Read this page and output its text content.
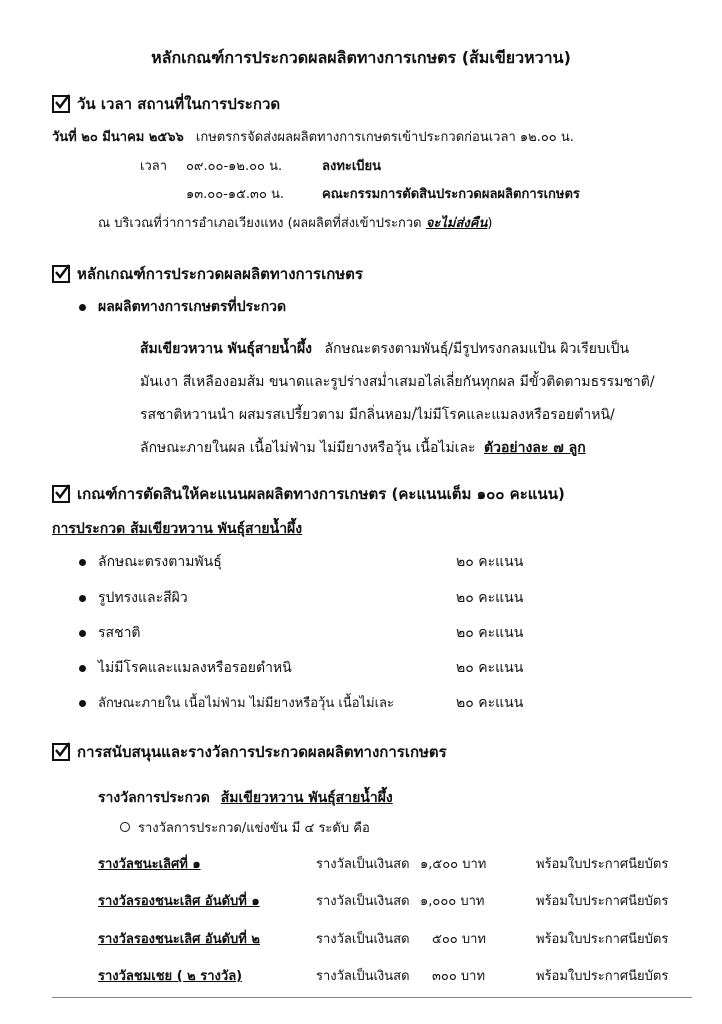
หลักเกณฑ์การประกวดผลผลิตทางการเกษตร (ส้มเขียวหวาน)
วัน เวลา สถานที่ในการประกวด
วันที่ ๒๐ มีนาคม ๒๕๖๖ เกษตรกรจัดส่งผลผลิตทางการเกษตรเข้าประกวดก่อนเวลา ๑๒.๐๐ น.
เวลา ๐๙.๐๐-๑๒.๐๐ น.	ลงทะเบียน
๑๓.๐๐-๑๕.๓๐ น.	คณะกรรมการตัดสินประกวดผลผลิตการเกษตร
ณ บริเวณที่ว่าการอำเภอเวียงแหง (ผลผลิตที่ส่งเข้าประกวด จะไม่ส่งคืน)
หลักเกณฑ์การประกวดผลผลิตทางการเกษตร
ผลผลิตทางการเกษตรที่ประกวด
ส้มเขียวหวาน พันธุ์สายน้ำผึ้ง ลักษณะตรงตามพันธุ์/มีรูปทรงกลมแป้น ผิวเรียบเป็น
มันเงา สีเหลืองอมส้ม ขนาดและรูปร่างสม่ำเสมอไล่เลี่ยกันทุกผล มีขั้วติดตามธรรมชาติ/
รสชาติหวานนำ ผสมรสเปรี้ยวตาม มีกลิ่นหอม/ไม่มีโรคและแมลงหรือรอยตำหนิ/
ลักษณะภายในผล เนื้อไม่ฟ่าม ไม่มียางหรือวุ้น เนื้อไม่เละ ตัวอย่างละ ๗ ลูก
เกณฑ์การตัดสินให้คะแนนผลผลิตทางการเกษตร (คะแนนเต็ม ๑๐๐ คะแนน)
การประกวด ส้มเขียวหวาน พันธุ์สายน้ำผึ้ง
ลักษณะตรงตามพันธุ์	๒๐ คะแนน
รูปทรงและสีผิว	๒๐ คะแนน
รสชาติ	๒๐ คะแนน
ไม่มีโรคและแมลงหรือรอยตำหนิ	๒๐ คะแนน
ลักษณะภายใน เนื้อไม่ฟ่าม ไม่มียางหรือวุ้น เนื้อไม่เละ	๒๐ คะแนน
การสนับสนุนและรางวัลการประกวดผลผลิตทางการเกษตร
รางวัลการประกวด ส้มเขียวหวาน พันธุ์สายน้ำผึ้ง
รางวัลการประกวด/แข่งขัน มี ๔ ระดับ คือ
รางวัลชนะเลิศที่ ๑	รางวัลเป็นเงินสด ๑,๕๐๐ บาท	พร้อมใบประกาศนียบัตร
รางวัลรองชนะเลิศ อันดับที่ ๑	รางวัลเป็นเงินสด ๑,๐๐๐ บาท	พร้อมใบประกาศนียบัตร
รางวัลรองชนะเลิศ อันดับที่ ๒	รางวัลเป็นเงินสด ๕๐๐ บาท	พร้อมใบประกาศนียบัตร
รางวัลชมเชย ( ๒ รางวัล)	รางวัลเป็นเงินสด ๓๐๐ บาท	พร้อมใบประกาศนียบัตร
